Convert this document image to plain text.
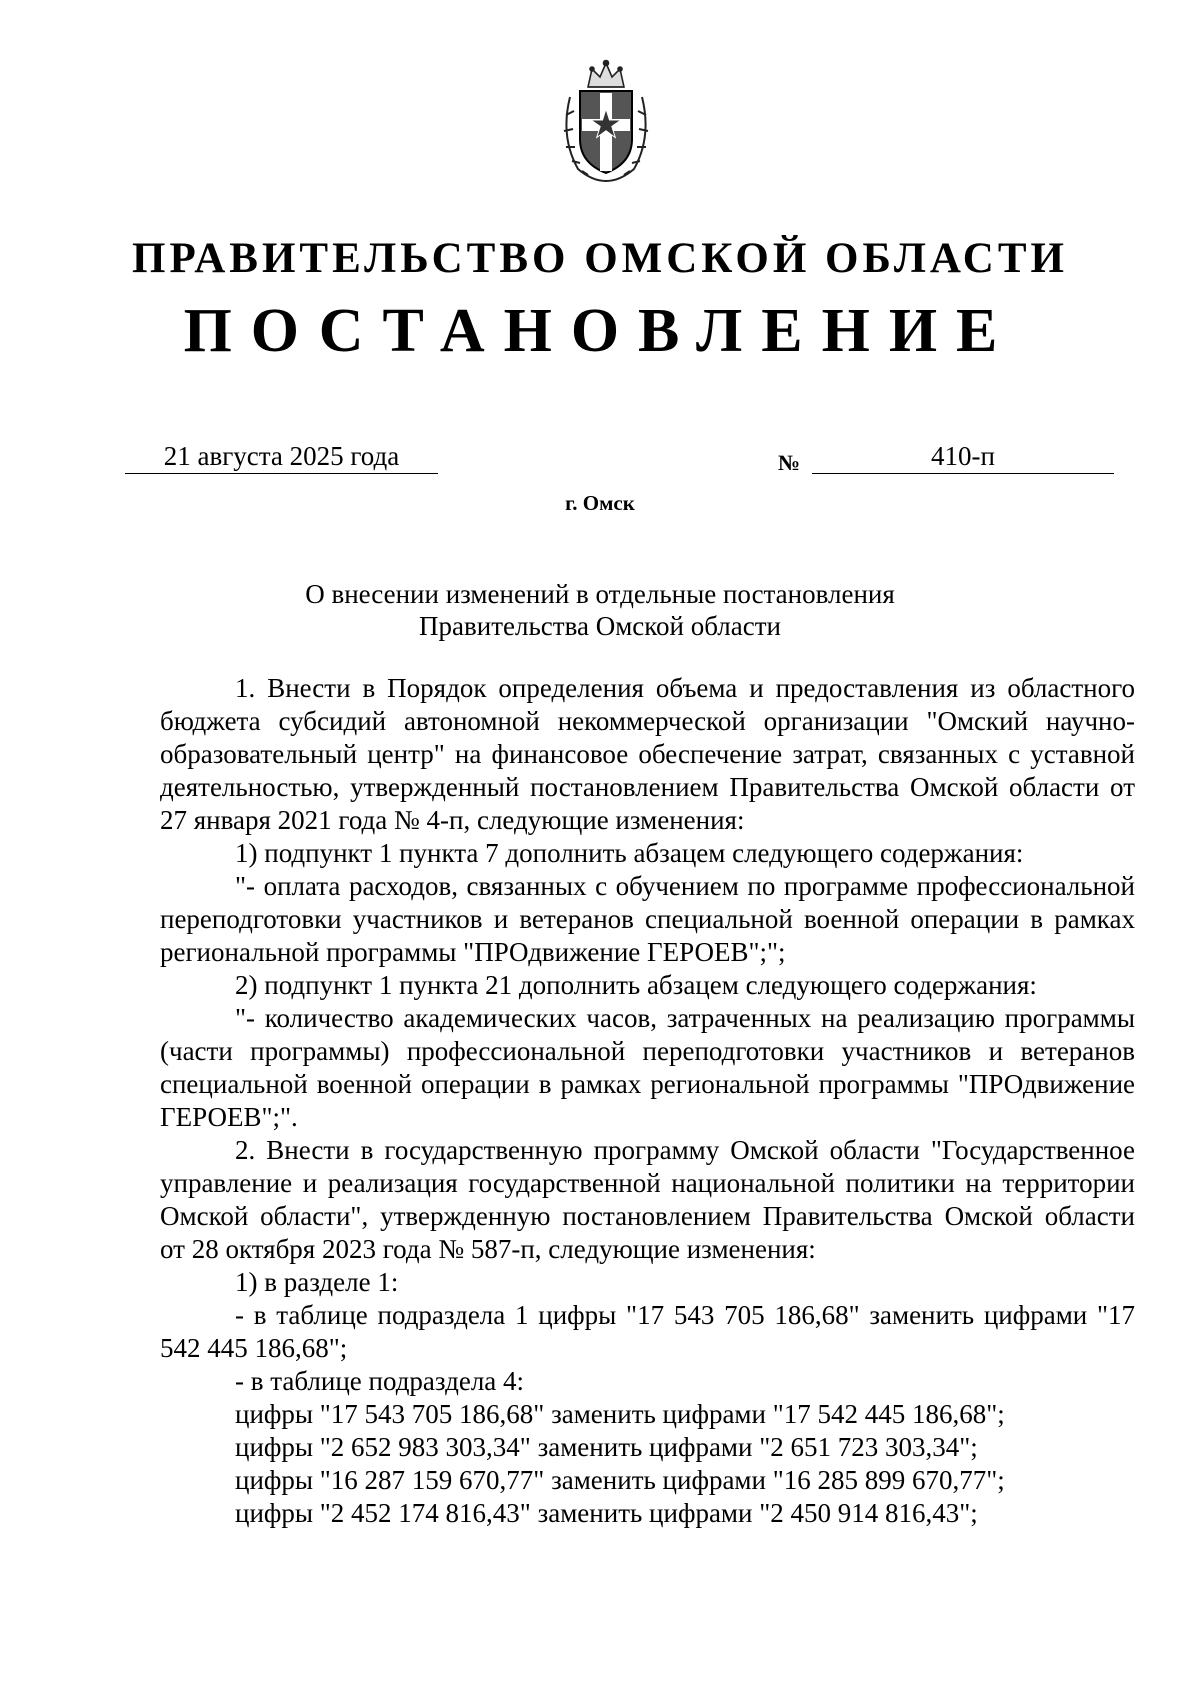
ПРАВИТЕЛЬСТВО ОМСКОЙ ОБЛАСТИ
ПОСТАНОВЛЕНИЕ
21 августа 2025 года	№	410-п
г. Омск
О внесении изменений в отдельные постановления
Правительства Омской области

1. Внести в Порядок определения объема и предоставления из областного бюджета субсидий автономной некоммерческой организации "Омский научно-образовательный центр" на финансовое обеспечение затрат, связанных с уставной деятельностью, утвержденный постановлением Правительства Омской области от 27 января 2021 года № 4-п, следующие изменения:

1) подпункт 1 пункта 7 дополнить абзацем следующего содержания:

"- оплата расходов, связанных с обучением по программе профессиональной переподготовки участников и ветеранов специальной военной операции в рамках региональной программы "ПРОдвижение ГЕРОЕВ";";

2) подпункт 1 пункта 21 дополнить абзацем следующего содержания:

"- количество академических часов, затраченных на реализацию программы (части программы) профессиональной переподготовки участников и ветеранов специальной военной операции в рамках региональной программы "ПРОдвижение ГЕРОЕВ";".

2. Внести в государственную программу Омской области "Государственное управление и реализация государственной национальной политики на территории Омской области", утвержденную постановлением Правительства Омской области от 28 октября 2023 года № 587-п, следующие изменения:

1) в разделе 1:

- в таблице подраздела 1 цифры "17 543 705 186,68" заменить цифрами "17 542 445 186,68";

- в таблице подраздела 4:

цифры "17 543 705 186,68" заменить цифрами "17 542 445 186,68";

цифры "2 652 983 303,34" заменить цифрами "2 651 723 303,34";

цифры "16 287 159 670,77" заменить цифрами "16 285 899 670,77";

цифры "2 452 174 816,43" заменить цифрами "2 450 914 816,43";
